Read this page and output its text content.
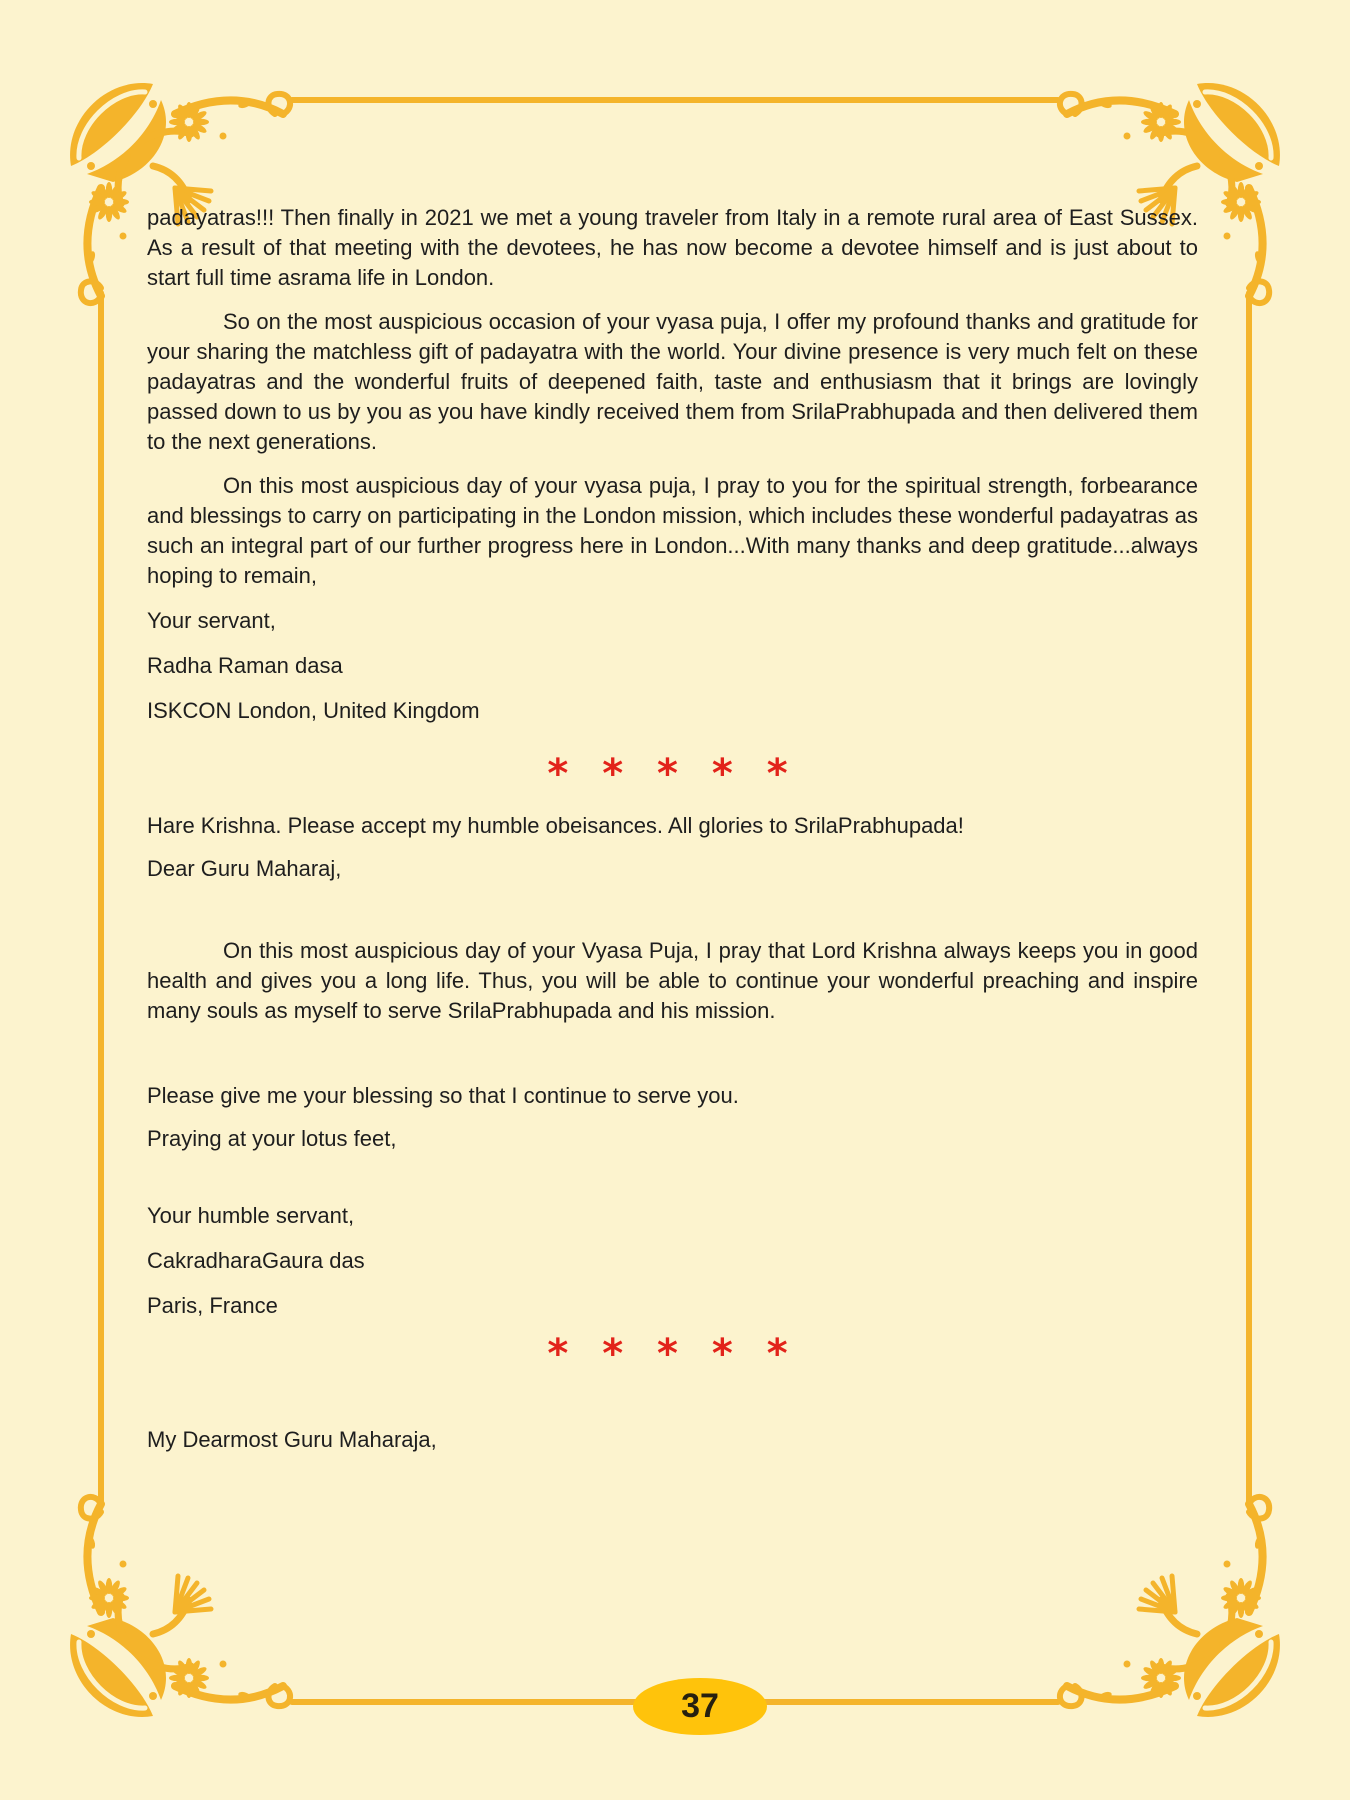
37

padayatras!!! Then finally in 2021 we met a young traveler from Italy in a remote rural area of East Sussex. As a result of that meeting with the devotees, he has now become a devotee himself and is just about to start full time asrama life in London.

So on the most auspicious occasion of your vyasa puja, I offer my profound thanks and gratitude for your sharing the matchless gift of padayatra with the world. Your divine presence is very much felt on these padayatras and the wonderful fruits of deepened faith, taste and enthusiasm that it brings are lovingly passed down to us by you as you have kindly received them from SrilaPrabhupada and then delivered them to the next generations.

On this most auspicious day of your vyasa puja, I pray to you for the spiritual strength, forbearance and blessings to carry on participating in the London mission, which includes these wonderful padayatras as such an integral part of our further progress here in London...With many thanks and deep gratitude...always hoping to remain,

Your servant,

Radha Raman dasa

ISKCON London, United Kingdom

* * * * *

Hare Krishna. Please accept my humble obeisances. All glories to SrilaPrabhupada!

Dear Guru Maharaj,

On this most auspicious day of your Vyasa Puja, I pray that Lord Krishna always keeps you in good health and gives you a long life. Thus, you will be able to continue your wonderful preaching and inspire many souls as myself to serve SrilaPrabhupada and his mission.

Please give me your blessing so that I continue to serve you.

Praying at your lotus feet,

Your humble servant,

CakradharaGaura das

Paris, France

* * * * *

My Dearmost Guru Maharaja,
